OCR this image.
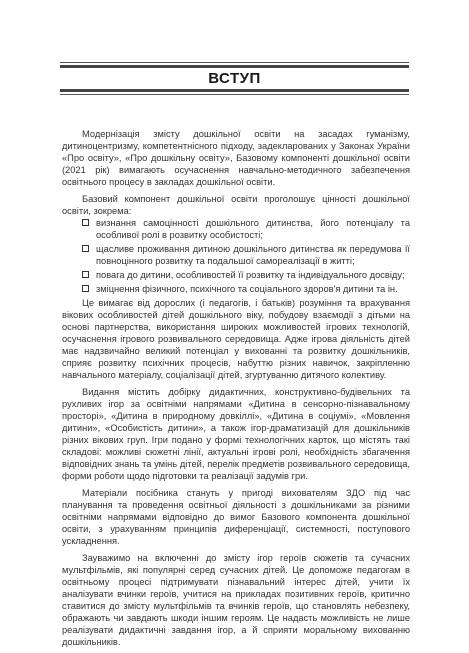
ВСТУП

Модернізація змісту дошкільної освіти на засадах гуманізму, дитиноцентризму, компетентнісного підходу, задекларованих у Законах України «Про освіту», «Про дошкільну освіту», Базовому компоненті дошкільної освіти (2021 рік) вимагають осучаснення навчально-методичного забезпечення освітнього процесу в закладах дошкільної освіти.

Базовий компонент дошкільної освіти проголошує цінності дошкільної освіти, зокрема:

визнання самоцінності дошкільного дитинства, його потенціалу та особливої ролі в розвитку особистості;
щасливе проживання дитиною дошкільного дитинства як передумова її повноцінного розвитку та подальшої самореалізації в житті;
повага до дитини, особливостей її розвитку та індивідуального досвіду;
зміцнення фізичного, психічного та соціального здоров'я дитини та ін.

Це вимагає від дорослих (і педагогів, і батьків) розуміння та врахування вікових особливостей дітей дошкільного віку, побудову взаємодії з дітьми на основі партнерства, використання широких можливостей ігрових технологій, осучаснення ігрового розвивального середовища. Адже ігрова діяльність дітей має надзвичайно великий потенціал у вихованні та розвитку дошкільників, сприяє розвитку психічних процесів, набуттю різних навичок, закріпленню навчального матеріалу, соціалізації дітей, згуртуванню дитячого колективу.

Видання містить добірку дидактичних, конструктивно-будівельних та рухливих ігор за освітніми напрямами «Дитина в сенсорно-пізнавальному просторі», «Дитина в природному довкіллі», «Дитина в соціумі», «Мовлення дитини», «Особистість дитини», а також ігор-драматизацій для дошкільників різних вікових груп. Ігри подано у формі технологічних карток, що містять такі складові: можливі сюжетні лінії, актуальні ігрові ролі, необхідність збагачення відповідних знань та умінь дітей, перелік предметів розвивального середовища, форми роботи щодо підготовки та реалізації задумів гри.

Матеріали посібника стануть у пригоді вихователям ЗДО під час планування та проведення освітньої діяльності з дошкільниками за різними освітніми напрямами відповідно до вимог Базового компонента дошкільної освіти, з урахуванням принципів диференціації, системності, поступового ускладнення.

Зауважимо на включенні до змісту ігор героїв сюжетів та сучасних мультфільмів, які популярні серед сучасних дітей. Це допоможе педагогам в освітньому процесі підтримувати пізнавальний інтерес дітей, учити їх аналізувати вчинки героїв, учитися на прикладах позитивних героїв, критично ставитися до змісту мультфільмів та вчинків героїв, що становлять небезпеку, ображають чи завдають шкоди іншим героям. Це надасть можливість не лише реалізувати дидактичні завдання ігор, а й сприяти моральному вихованню дошкільників.
